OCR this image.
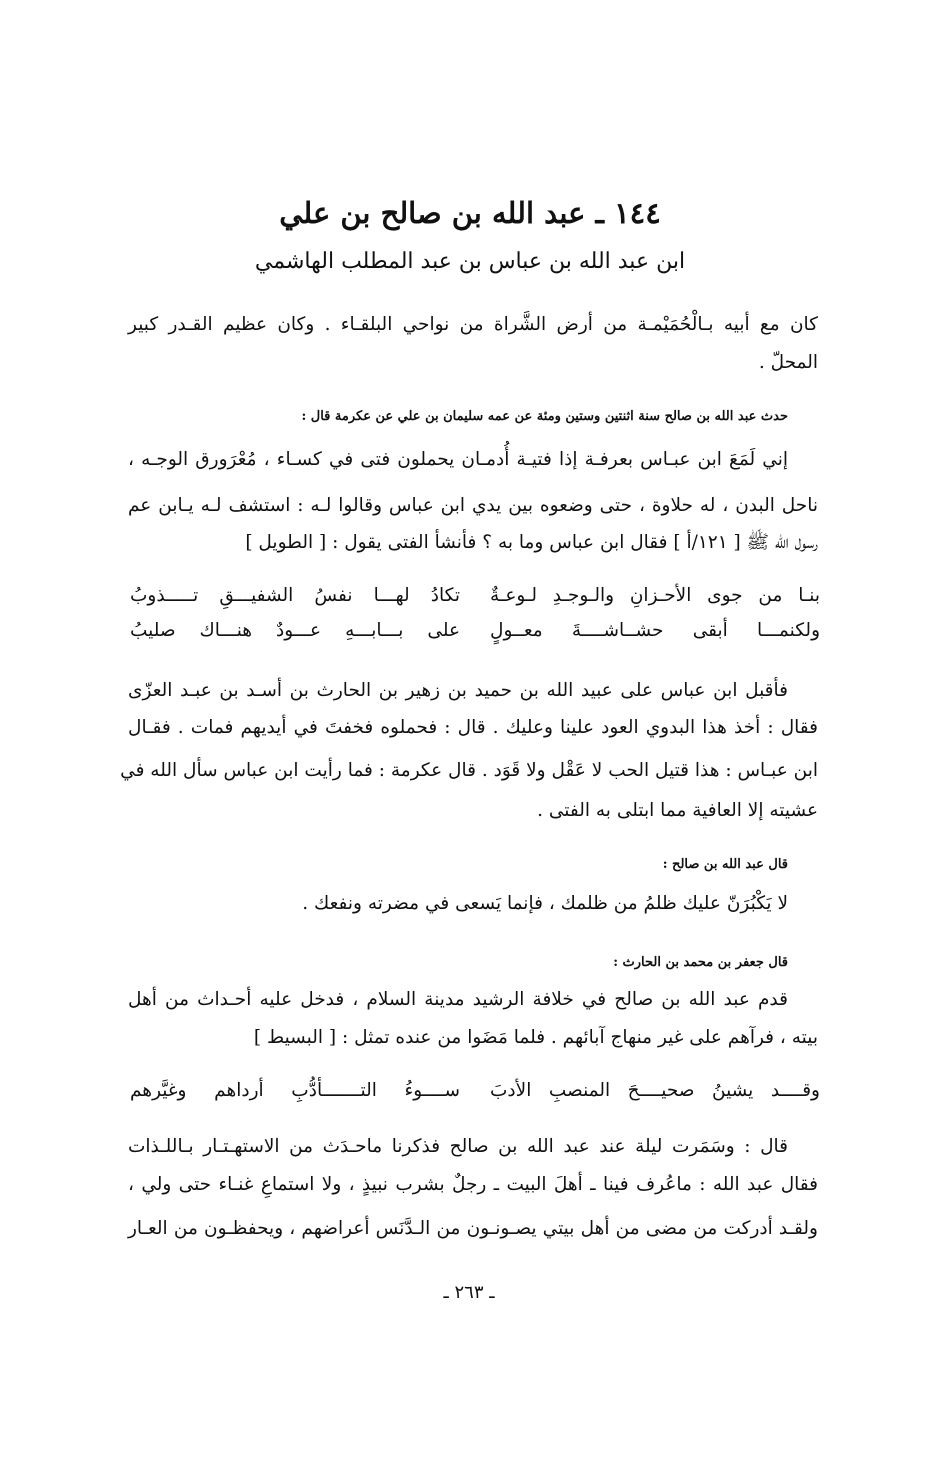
١٤٤ ـ عبد الله بن صالح بن علي
ابن عبد الله بن عباس بن عبد المطلب الهاشمي
كان مع أبيه بـالْحُمَيْمـة من أرض الشَّراة من نواحي البلقـاء . وكان عظيم القـدر كبير
المحلّ .
حدث عبد الله بن صالح سنة اثنتين وستين ومئة عن عمه سليمان بن علي عن عكرمة قال :
إني لَمَعَ ابن عبـاس بعرفـة إذا فتيـة أُدمـان يحملون فتى في كسـاء ، مُعْرَورق الوجـه ،
ناحل البدن ، له حلاوة ، حتى وضعوه بين يدي ابن عباس وقالوا لـه : استشف لـه يـابن عم
رسول الله ﷺ [ ١٢١/أ ] فقال ابن عباس وما به ؟ فأنشأ الفتى يقول : [ الطويل ]
بنـا من جوى الأحـزانِ والـوجـدِ لـوعـةٌ
تكادُ لهـــا نفسُ الشفيـــقِ تـــــذوبُ
ولكنمـــا أبقى حشــاشــــةَ معــولٍ
على بـــابـــهِ عـــودٌ هنـــاك صليبُ
فأقبل ابن عباس على عبيد الله بن حميد بن زهير بن الحارث بن أسـد بن عبـد العزّى
فقال : أخذ هذا البدوي العود علينا وعليك . قال : فحملوه فخفتَ في أيديهم فمات . فقـال
ابن عبـاس : هذا قتيل الحب لا عَقْل ولا قَوَد . قال عكرمة : فما رأيت ابن عباس سأل الله في
عشيته إلا العافية مما ابتلى به الفتى .
قال عبد الله بن صالح :
لا يَكْبُرَنّ عليك ظلمُ من ظلمك ، فإنما يَسعى في مضرته ونفعك .
قال جعفر بن محمد بن الحارث :
قدم عبد الله بن صالح في خلافة الرشيد مدينة السلام ، فدخل عليه أحـداث من أهل
بيته ، فرآهم على غير منهاج آبائهم . فلما مَضَوا من عنده تمثل : [ البسيط ]
وقــــد يشينُ صحيــــحَ المنصبِ الأدبَ
ســــوءُ التـــــــأدُّبِ أرداهم وغيَّرهم
قال : وسَمَرت ليلة عند عبد الله بن صالح فذكرنا ماحـدَث من الاستهـتـار بـاللـذات
فقال عبد الله : ماعُرف فينا ـ أهلَ البيت ـ رجلٌ بشرب نبيذٍ ، ولا استماعِ غنـاء حتى ولي ،
ولقـد أدركت من مضى من أهل بيتي يصـونـون من الـدَّنَس أعراضهم ، ويحفظـون من العـار
ـ ٢٦٣ ـ
